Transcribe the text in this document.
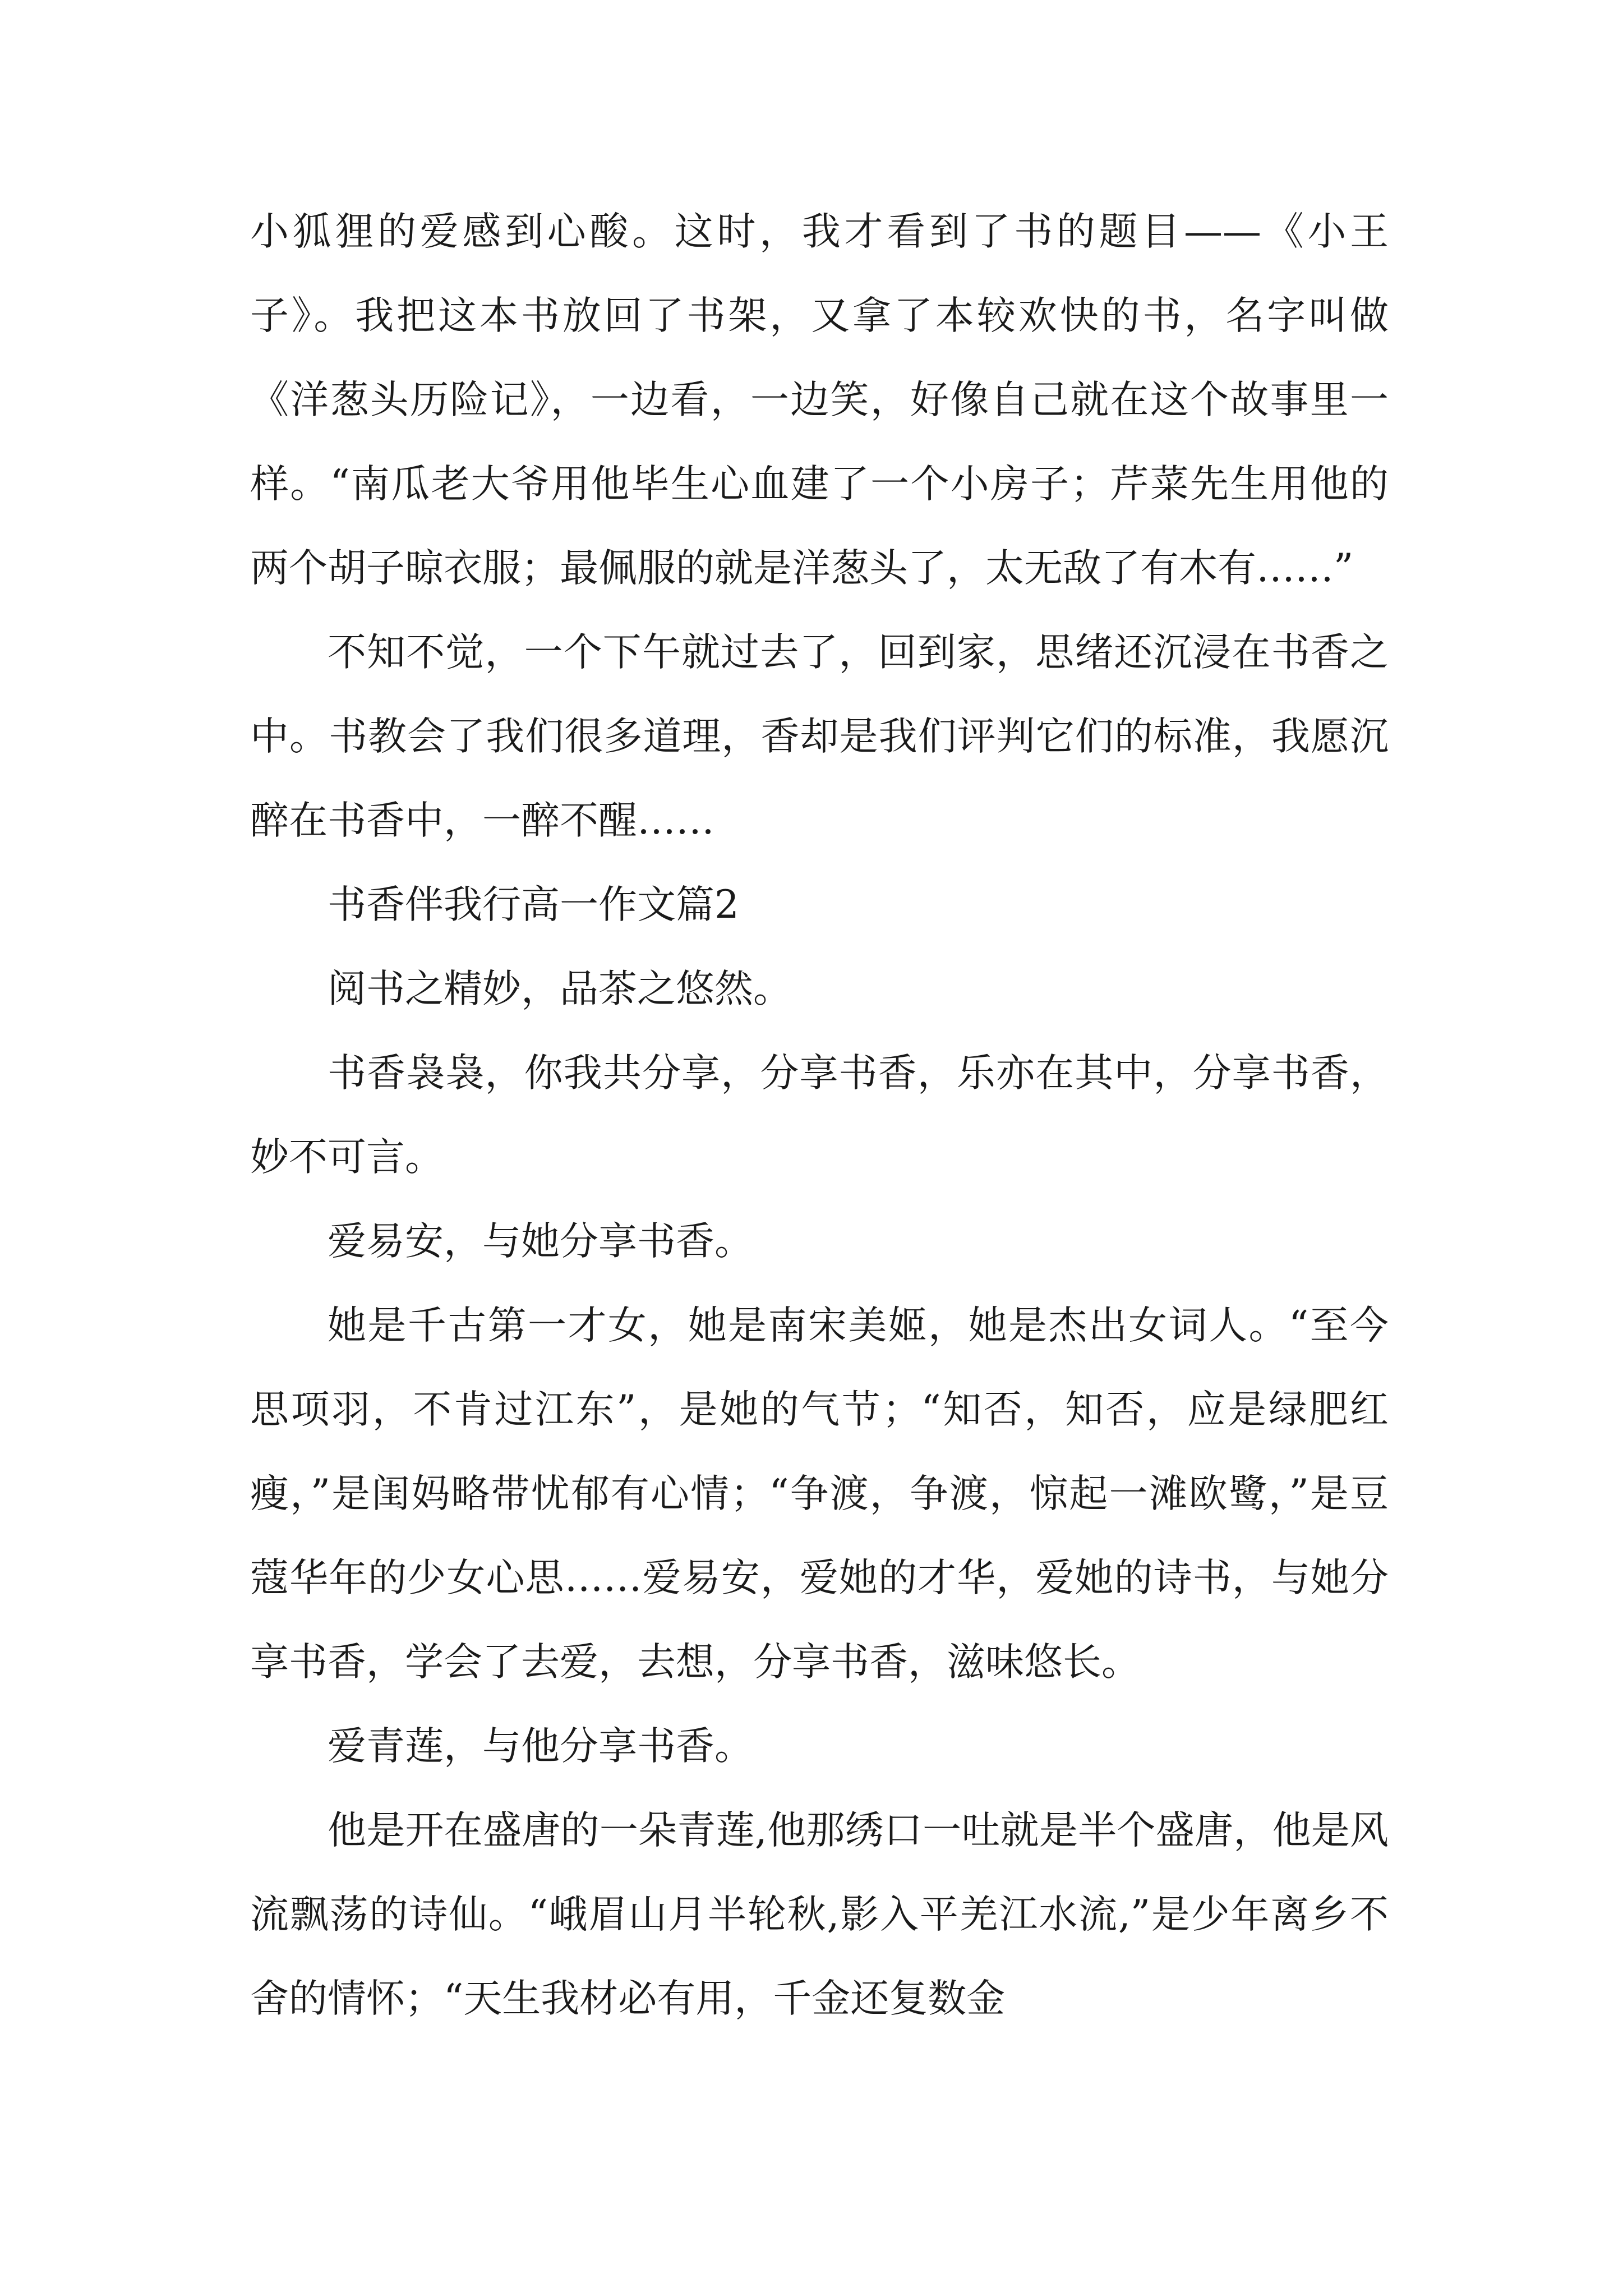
小狐狸的爱感到心酸。这时，我才看到了书的题目——《小王子》。我把这本书放回了书架，又拿了本较欢快的书，名字叫做《洋葱头历险记》，一边看，一边笑，好像自己就在这个故事里一样。“南瓜老大爷用他毕生心血建了一个小房子；芹菜先生用他的两个胡子晾衣服；最佩服的就是洋葱头了，太无敌了有木有……”

不知不觉，一个下午就过去了，回到家，思绪还沉浸在书香之中。书教会了我们很多道理，香却是我们评判它们的标准，我愿沉醉在书香中，一醉不醒……

书香伴我行高一作文篇2

阅书之精妙，品茶之悠然。

书香袅袅，你我共分享，分享书香，乐亦在其中，分享书香，妙不可言。

爱易安，与她分享书香。

她是千古第一才女，她是南宋美姬，她是杰出女词人。“至今思项羽，不肯过江东”，是她的气节；“知否，知否，应是绿肥红瘦，”是闺妈略带忧郁有心情；“争渡，争渡，惊起一滩欧鹭，”是豆蔻华年的少女心思……爱易安，爱她的才华，爱她的诗书，与她分享书香，学会了去爱，去想，分享书香，滋味悠长。

爱青莲，与他分享书香。

他是开在盛唐的一朵青莲,他那绣口一吐就是半个盛唐，他是风流飘荡的诗仙。“峨眉山月半轮秋,影入平羌江水流,”是少年离乡不舍的情怀；“天生我材必有用，千金还复数金
